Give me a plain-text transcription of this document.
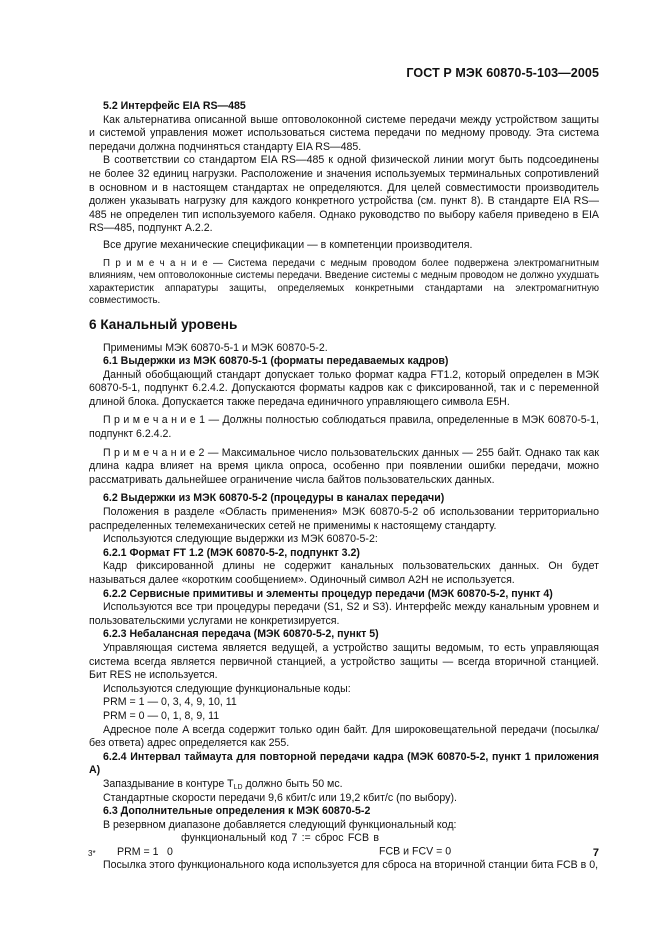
ГОСТ Р МЭК 60870-5-103—2005

5.2 Интерфейс EIA RS—485

Как альтернатива описанной выше оптоволоконной системе передачи между устройством защиты и системой управления может использоваться система передачи по медному проводу. Эта система передачи должна подчиняться стандарту EIA RS—485.

В соответствии со стандартом EIA RS—485 к одной физической линии могут быть подсоединены не более 32 единиц нагрузки. Расположение и значения используемых терминальных сопротивлений в основном и в настоящем стандартах не определяются. Для целей совместимости производитель должен указывать нагрузку для каждого конкретного устройства (см. пункт 8). В стандарте EIA RS—485 не определен тип используемого кабеля. Однако руководство по выбору кабеля приведено в EIA RS—485, подпункт A.2.2.

Все другие механические спецификации — в компетенции производителя.

П р и м е ч а н и е — Система передачи с медным проводом более подвержена электромагнитным влияниям, чем оптоволоконные системы передачи. Введение системы с медным проводом не должно ухудшать характеристик аппаратуры защиты, определяемых конкретными стандартами на электромагнитную совместимость.

6 Канальный уровень

Применимы МЭК 60870-5-1 и МЭК 60870-5-2.

6.1 Выдержки из МЭК 60870-5-1 (форматы передаваемых кадров)

Данный обобщающий стандарт допускает только формат кадра FT1.2, который определен в МЭК 60870-5-1, подпункт 6.2.4.2. Допускаются форматы кадров как с фиксированной, так и с переменной длиной блока. Допускается также передача единичного управляющего символа E5H.

П р и м е ч а н и е 1 — Должны полностью соблюдаться правила, определенные в МЭК 60870-5-1, подпункт 6.2.4.2.

П р и м е ч а н и е 2 — Максимальное число пользовательских данных — 255 байт. Однако так как длина кадра влияет на время цикла опроса, особенно при появлении ошибки передачи, можно рассматривать дальнейшее ограничение числа байтов пользовательских данных.

6.2 Выдержки из МЭК 60870-5-2 (процедуры в каналах передачи)

Положения в разделе «Область применения» МЭК 60870-5-2 об использовании территориально распределенных телемеханических сетей не применимы к настоящему стандарту.

Используются следующие выдержки из МЭК 60870-5-2:

6.2.1 Формат FT 1.2 (МЭК 60870-5-2, подпункт 3.2)

Кадр фиксированной длины не содержит канальных пользовательских данных. Он будет называться далее «коротким сообщением». Одиночный символ A2H не используется.

6.2.2 Сервисные примитивы и элементы процедур передачи (МЭК 60870-5-2, пункт 4)

Используются все три процедуры передачи (S1, S2 и S3). Интерфейс между канальным уровнем и пользовательскими услугами не конкретизируется.

6.2.3 Небалансная передача (МЭК 60870-5-2, пункт 5)

Управляющая система является ведущей, а устройство защиты ведомым, то есть управляющая система всегда является первичной станцией, а устройство защиты — всегда вторичной станцией. Бит RES не используется.

Используются следующие функциональные коды:

PRM = 1 — 0, 3, 4, 9, 10, 11

PRM = 0 — 0, 1, 8, 9, 11

Адресное поле A всегда содержит только один байт. Для широковещательной передачи (посылка/без ответа) адрес определяется как 255.

6.2.4 Интервал таймаута для повторной передачи кадра (МЭК 60870-5-2, пункт 1 приложения A)

Запаздывание в контуре $T_{LD}$ должно быть 50 мс.

Стандартные скорости передачи 9,6 кбит/с или 19,2 кбит/с (по выбору).

6.3 Дополнительные определения к МЭК 60870-5-2

В резервном диапазоне добавляется следующий функциональный код:

PRM = 1функциональный код 7 := сброс FCB в 0	FCB и FCV = 0

Посылка этого функционального кода используется для сброса на вторичной станции бита FCB в 0,

3*	7
